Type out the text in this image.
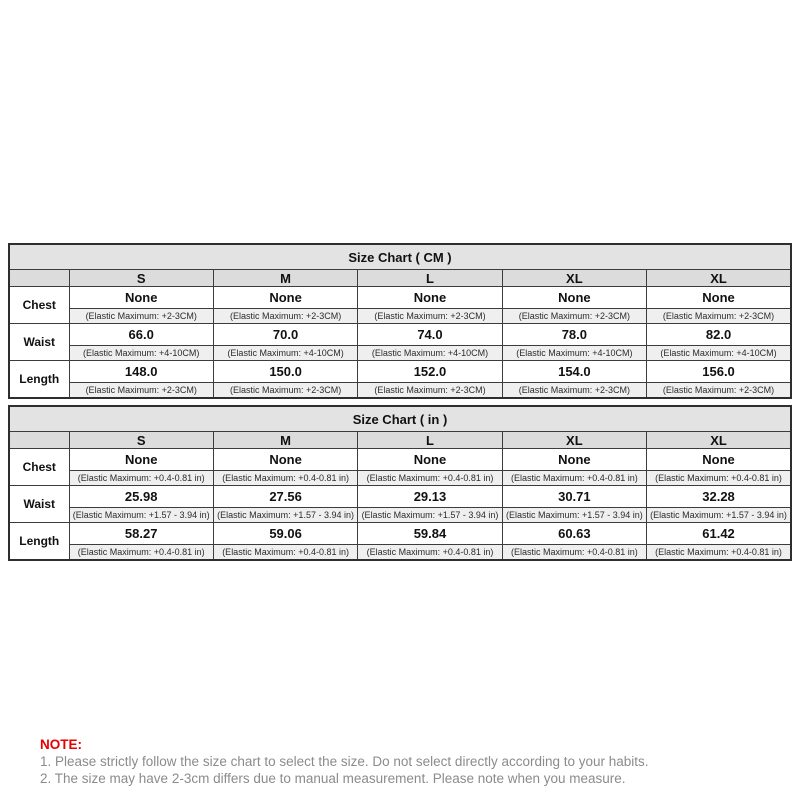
Size Chart ( CM )					
	S	M	L	XL	XL
Chest	None	None	None	None	None
	(Elastic Maximum: +2-3CM)	(Elastic Maximum: +2-3CM)	(Elastic Maximum: +2-3CM)	(Elastic Maximum: +2-3CM)	(Elastic Maximum: +2-3CM)
Waist	66.0	70.0	74.0	78.0	82.0
	(Elastic Maximum: +4-10CM)	(Elastic Maximum: +4-10CM)	(Elastic Maximum: +4-10CM)	(Elastic Maximum: +4-10CM)	(Elastic Maximum: +4-10CM)
Length	148.0	150.0	152.0	154.0	156.0
	(Elastic Maximum: +2-3CM)	(Elastic Maximum: +2-3CM)	(Elastic Maximum: +2-3CM)	(Elastic Maximum: +2-3CM)	(Elastic Maximum: +2-3CM)
Size Chart ( in )					
	S	M	L	XL	XL
Chest	None	None	None	None	None
	(Elastic Maximum: +0.4-0.81 in)	(Elastic Maximum: +0.4-0.81 in)	(Elastic Maximum: +0.4-0.81 in)	(Elastic Maximum: +0.4-0.81 in)	(Elastic Maximum: +0.4-0.81 in)
Waist	25.98	27.56	29.13	30.71	32.28
	(Elastic Maximum: +1.57 - 3.94 in)	(Elastic Maximum: +1.57 - 3.94 in)	(Elastic Maximum: +1.57 - 3.94 in)	(Elastic Maximum: +1.57 - 3.94 in)	(Elastic Maximum: +1.57 - 3.94 in)
Length	58.27	59.06	59.84	60.63	61.42
	(Elastic Maximum: +0.4-0.81 in)	(Elastic Maximum: +0.4-0.81 in)	(Elastic Maximum: +0.4-0.81 in)	(Elastic Maximum: +0.4-0.81 in)	(Elastic Maximum: +0.4-0.81 in)
NOTE:
1. Please strictly follow the size chart to select the size. Do not select directly according to your habits.
2. The size may have 2-3cm differs due to manual measurement. Please note when you measure.
